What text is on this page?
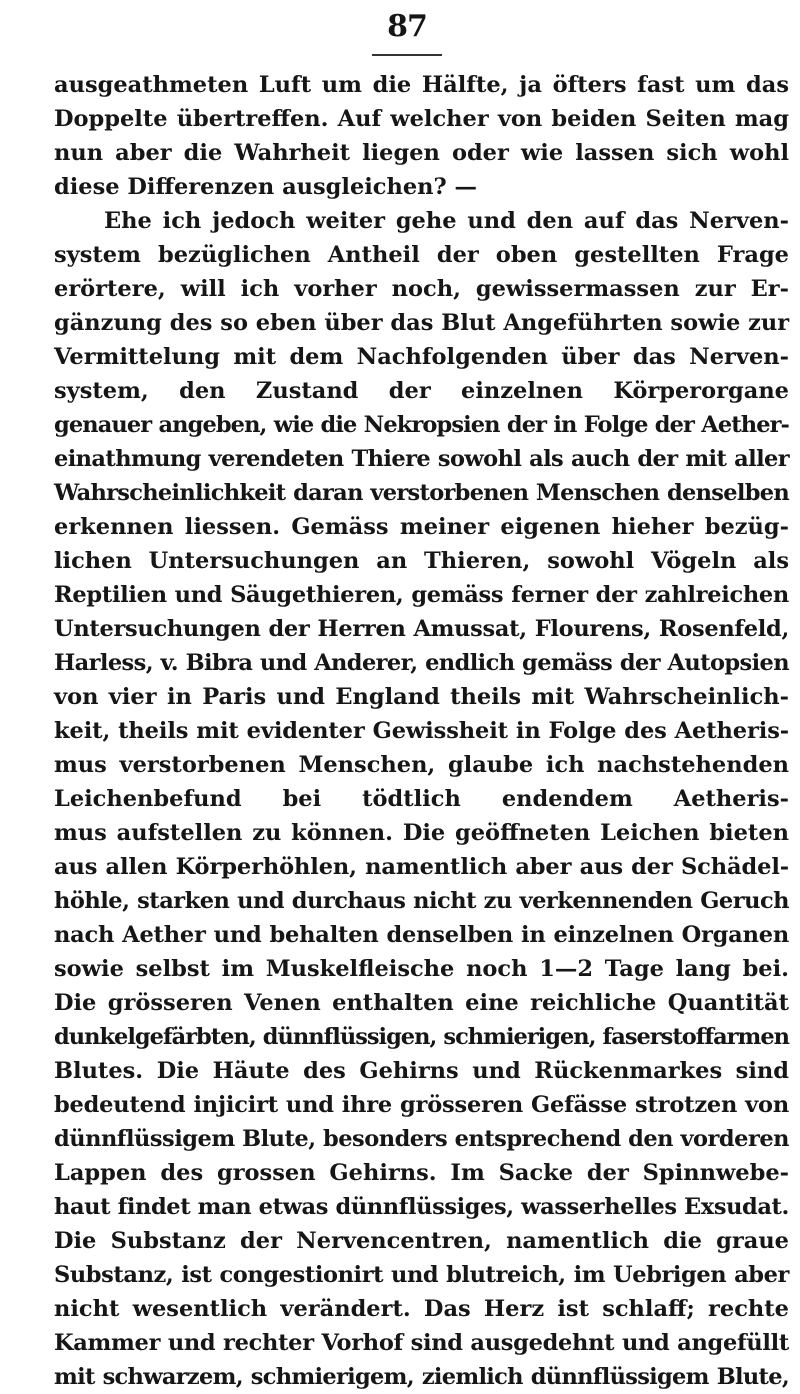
87
ausgeathmeten Luft um die Hälfte, ja öfters fast um das
Doppelte übertreffen. Auf welcher von beiden Seiten mag
nun aber die Wahrheit liegen oder wie lassen sich wohl
diese Differenzen ausgleichen? —
Ehe ich jedoch weiter gehe und den auf das Nerven-
system bezüglichen Antheil der oben gestellten Frage
erörtere, will ich vorher noch, gewissermassen zur Er-
gänzung des so eben über das Blut Angeführten sowie zur
Vermittelung mit dem Nachfolgenden über das Nerven-
system, den Zustand der einzelnen Körperorgane
genauer angeben, wie die Nekropsien der in Folge der Aether-
einathmung verendeten Thiere sowohl als auch der mit aller
Wahrscheinlichkeit daran verstorbenen Menschen denselben
erkennen liessen. Gemäss meiner eigenen hieher bezüg-
lichen Untersuchungen an Thieren, sowohl Vögeln als
Reptilien und Säugethieren, gemäss ferner der zahlreichen
Untersuchungen der Herren Amussat, Flourens, Rosenfeld,
Harless, v. Bibra und Anderer, endlich gemäss der Autopsien
von vier in Paris und England theils mit Wahrscheinlich-
keit, theils mit evidenter Gewissheit in Folge des Aetheris-
mus verstorbenen Menschen, glaube ich nachstehenden
Leichenbefund bei tödtlich endendem Aetheris-
mus aufstellen zu können. Die geöffneten Leichen bieten
aus allen Körperhöhlen, namentlich aber aus der Schädel-
höhle, starken und durchaus nicht zu verkennenden Geruch
nach Aether und behalten denselben in einzelnen Organen
sowie selbst im Muskelfleische noch 1—2 Tage lang bei.
Die grösseren Venen enthalten eine reichliche Quantität
dunkelgefärbten, dünnflüssigen, schmierigen, faserstoffarmen
Blutes. Die Häute des Gehirns und Rückenmarkes sind
bedeutend injicirt und ihre grösseren Gefässe strotzen von
dünnflüssigem Blute, besonders entsprechend den vorderen
Lappen des grossen Gehirns. Im Sacke der Spinnwebe-
haut findet man etwas dünnflüssiges, wasserhelles Exsudat.
Die Substanz der Nervencentren, namentlich die graue
Substanz, ist congestionirt und blutreich, im Uebrigen aber
nicht wesentlich verändert. Das Herz ist schlaff; rechte
Kammer und rechter Vorhof sind ausgedehnt und angefüllt
mit schwarzem, schmierigem, ziemlich dünnflüssigem Blute,
